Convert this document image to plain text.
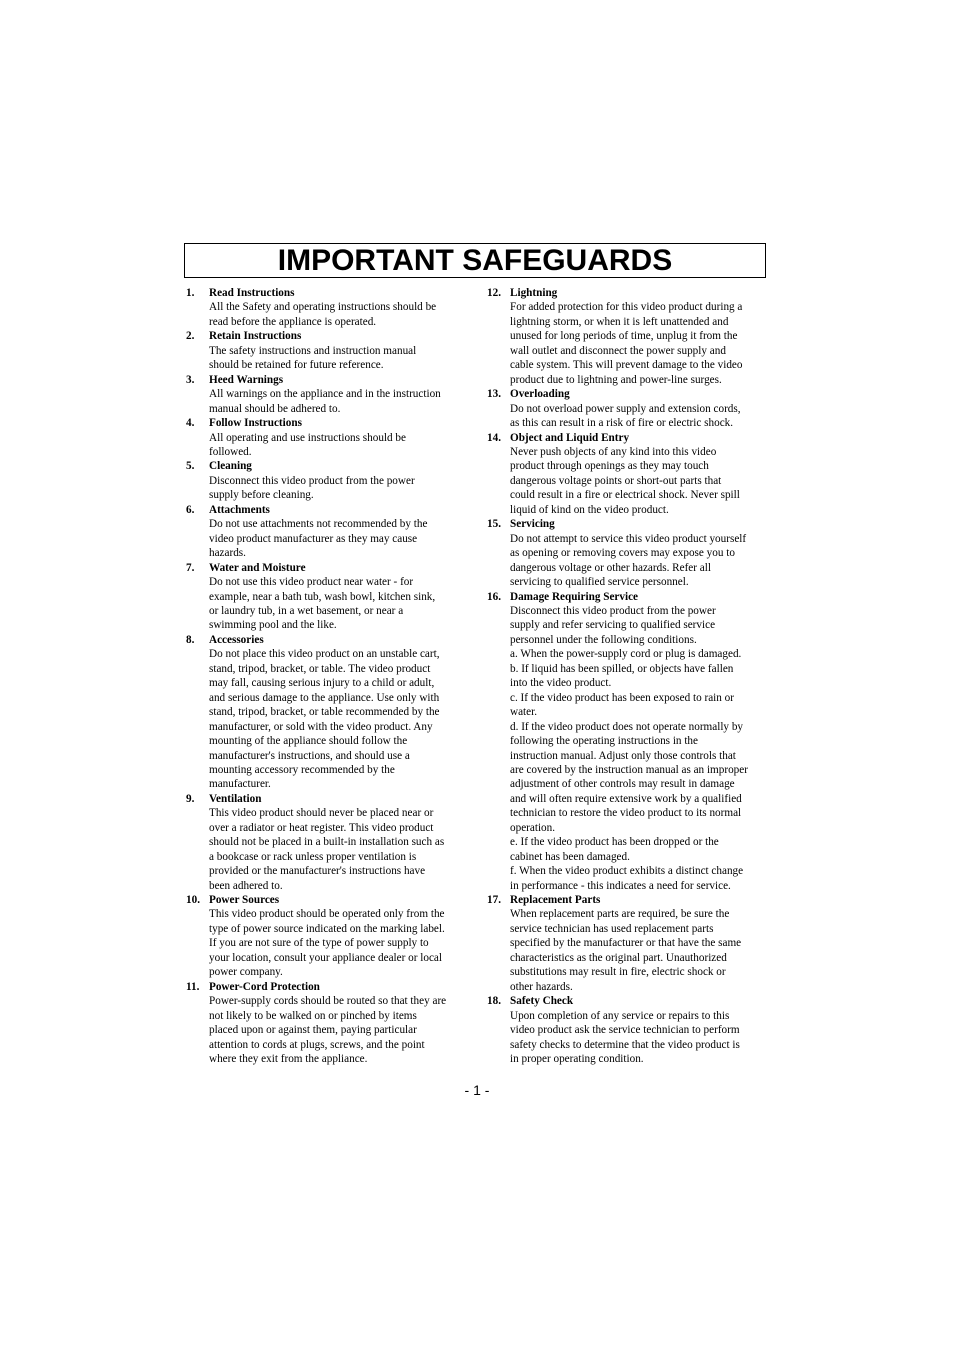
IMPORTANT SAFEGUARDS
1. Read Instructions
All the Safety and operating instructions should be
read before the appliance is operated.
2. Retain Instructions
The safety instructions and instruction manual
should be retained for future reference.
3. Heed Warnings
All warnings on the appliance and in the instruction
manual should be adhered to.
4. Follow Instructions
All operating and use instructions should be
followed.
5. Cleaning
Disconnect this video product from the power
supply before cleaning.
6. Attachments
Do not use attachments not recommended by the
video product manufacturer as they may cause
hazards.
7. Water and Moisture
Do not use this video product near water - for
example, near a bath tub, wash bowl, kitchen sink,
or laundry tub, in a wet basement, or near a
swimming pool and the like.
8. Accessories
Do not place this video product on an unstable cart,
stand, tripod, bracket, or table. The video product
may fall, causing serious injury to a child or adult,
and serious damage to the appliance. Use only with
stand, tripod, bracket, or table recommended by the
manufacturer, or sold with the video product. Any
mounting of the appliance should follow the
manufacturer's instructions, and should use a
mounting accessory recommended by the
manufacturer.
9. Ventilation
This video product should never be placed near or
over a radiator or heat register. This video product
should not be placed in a built-in installation such as
a bookcase or rack unless proper ventilation is
provided or the manufacturer's instructions have
been adhered to.
10. Power Sources
This video product should be operated only from the
type of power source indicated on the marking label.
If you are not sure of the type of power supply to
your location, consult your appliance dealer or local
power company.
11. Power-Cord Protection
Power-supply cords should be routed so that they are
not likely to be walked on or pinched by items
placed upon or against them, paying particular
attention to cords at plugs, screws, and the point
where they exit from the appliance.
12. Lightning
For added protection for this video product during a
lightning storm, or when it is left unattended and
unused for long periods of time, unplug it from the
wall outlet and disconnect the power supply and
cable system. This will prevent damage to the video
product due to lightning and power-line surges.
13. Overloading
Do not overload power supply and extension cords,
as this can result in a risk of fire or electric shock.
14. Object and Liquid Entry
Never push objects of any kind into this video
product through openings as they may touch
dangerous voltage points or short-out parts that
could result in a fire or electrical shock. Never spill
liquid of kind on the video product.
15. Servicing
Do not attempt to service this video product yourself
as opening or removing covers may expose you to
dangerous voltage or other hazards. Refer all
servicing to qualified service personnel.
16. Damage Requiring Service
Disconnect this video product from the power
supply and refer servicing to qualified service
personnel under the following conditions.
a. When the power-supply cord or plug is damaged.
b. If liquid has been spilled, or objects have fallen
into the video product.
c. If the video product has been exposed to rain or
water.
d. If the video product does not operate normally by
following the operating instructions in the
instruction manual. Adjust only those controls that
are covered by the instruction manual as an improper
adjustment of other controls may result in damage
and will often require extensive work by a qualified
technician to restore the video product to its normal
operation.
e. If the video product has been dropped or the
cabinet has been damaged.
f. When the video product exhibits a distinct change
in performance - this indicates a need for service.
17. Replacement Parts
When replacement parts are required, be sure the
service technician has used replacement parts
specified by the manufacturer or that have the same
characteristics as the original part. Unauthorized
substitutions may result in fire, electric shock or
other hazards.
18. Safety Check
Upon completion of any service or repairs to this
video product ask the service technician to perform
safety checks to determine that the video product is
in proper operating condition.
- 1 -
